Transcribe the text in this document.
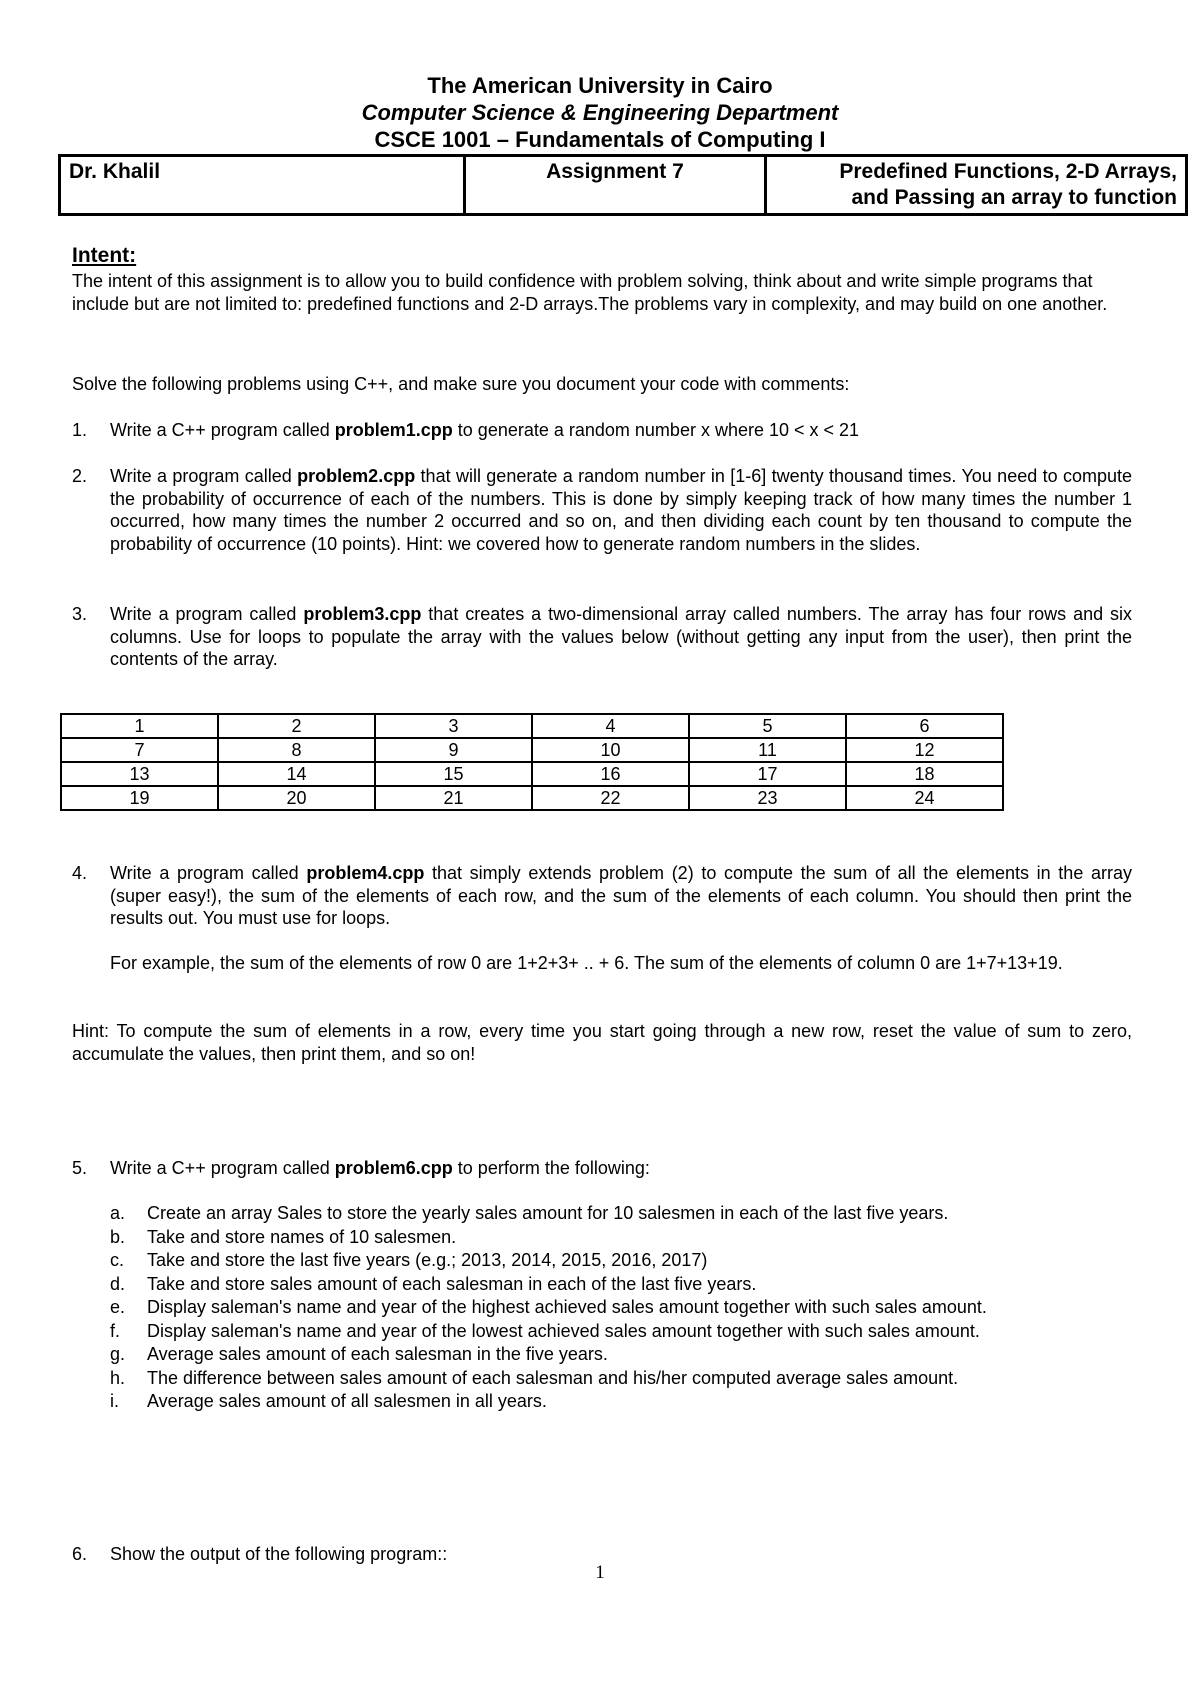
The American University in Cairo
Computer Science & Engineering Department
CSCE 1001 – Fundamentals of Computing I
Dr. Khalil	Assignment 7	Predefined Functions, 2-D Arrays,
and Passing an array to function
Intent:
The intent of this assignment is to allow you to build confidence with problem solving, think about and write simple programs that include but are not limited to: predefined functions and 2-D arrays.The problems vary in complexity, and may build on one another.
Solve the following problems using C++, and make sure you document your code with comments:
1. Write a C++ program called problem1.cpp to generate a random number x where 10 < x < 21
2. Write a program called problem2.cpp that will generate a random number in [1-6] twenty thousand times. You need to compute the probability of occurrence of each of the numbers. This is done by simply keeping track of how many times the number 1 occurred, how many times the number 2 occurred and so on, and then dividing each count by ten thousand to compute the probability of occurrence (10 points). Hint: we covered how to generate random numbers in the slides.
3. Write a program called problem3.cpp that creates a two-dimensional array called numbers. The array has four rows and six columns. Use for loops to populate the array with the values below (without getting any input from the user), then print the contents of the array.
1	2	3	4	5	6
7	8	9	10	11	12
13	14	15	16	17	18
19	20	21	22	23	24
4. Write a program called problem4.cpp that simply extends problem (2) to compute the sum of all the elements in the array (super easy!), the sum of the elements of each row, and the sum of the elements of each column. You should then print the results out. You must use for loops.
For example, the sum of the elements of row 0 are 1+2+3+ .. + 6. The sum of the elements of column 0 are 1+7+13+19.
Hint: To compute the sum of elements in a row, every time you start going through a new row, reset the value of sum to zero, accumulate the values, then print them, and so on!
5. Write a C++ program called problem6.cpp to perform the following:
a. Create an array Sales to store the yearly sales amount for 10 salesmen in each of the last five years.
b. Take and store names of 10 salesmen.
c. Take and store the last five years (e.g.; 2013, 2014, 2015, 2016, 2017)
d. Take and store sales amount of each salesman in each of the last five years.
e. Display saleman's name and year of the highest achieved sales amount together with such sales amount.
f. Display saleman's name and year of the lowest achieved sales amount together with such sales amount.
g. Average sales amount of each salesman in the five years.
h. The difference between sales amount of each salesman and his/her computed average sales amount.
i. Average sales amount of all salesmen in all years.
6. Show the output of the following program::
1
